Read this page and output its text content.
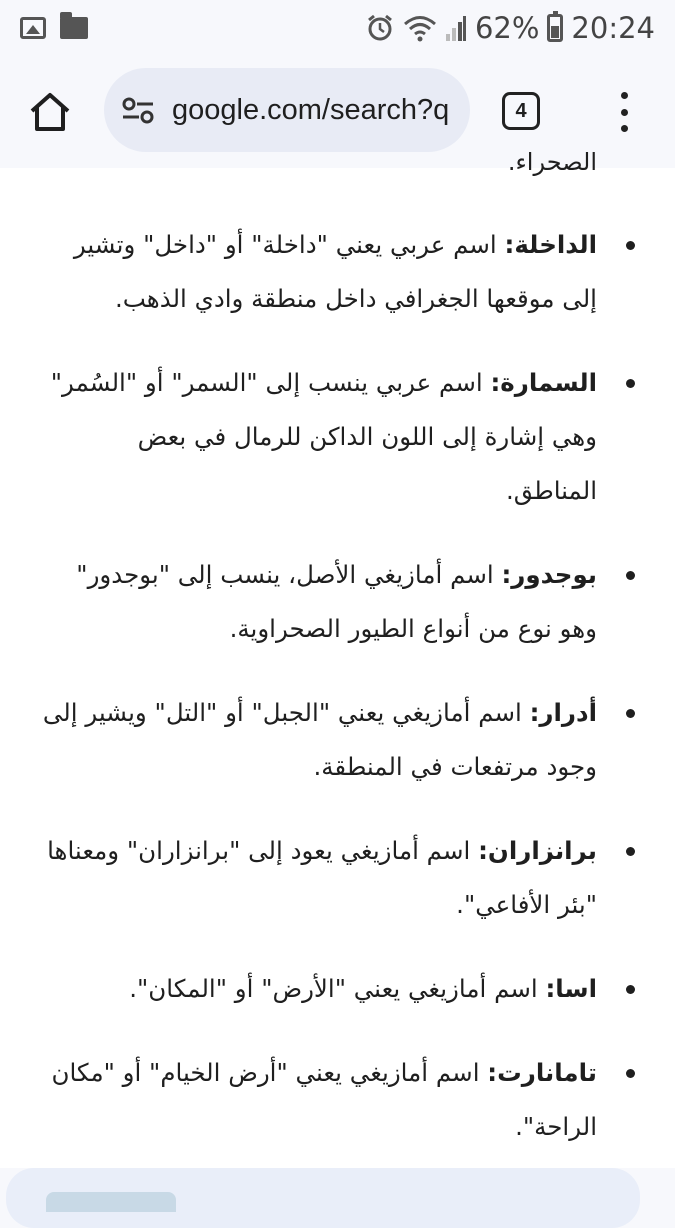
62% 20:24
google.com/search?q	4
الصحراء.
الداخلة: اسم عربي يعني "داخلة" أو "داخل" وتشير إلى موقعها الجغرافي داخل منطقة وادي الذهب.
السمارة: اسم عربي ينسب إلى "السمر" أو "السُمر" وهي إشارة إلى اللون الداكن للرمال في بعض المناطق.
بوجدور: اسم أمازيغي الأصل، ينسب إلى "بوجدور" وهو نوع من أنواع الطيور الصحراوية.
أدرار: اسم أمازيغي يعني "الجبل" أو "التل" ويشير إلى وجود مرتفعات في المنطقة.
برانزاران: اسم أمازيغي يعود إلى "برانزاران" ومعناها "بئر الأفاعي".
اسا: اسم أمازيغي يعني "الأرض" أو "المكان".
تامانارت: اسم أمازيغي يعني "أرض الخيام" أو "مكان الراحة".
